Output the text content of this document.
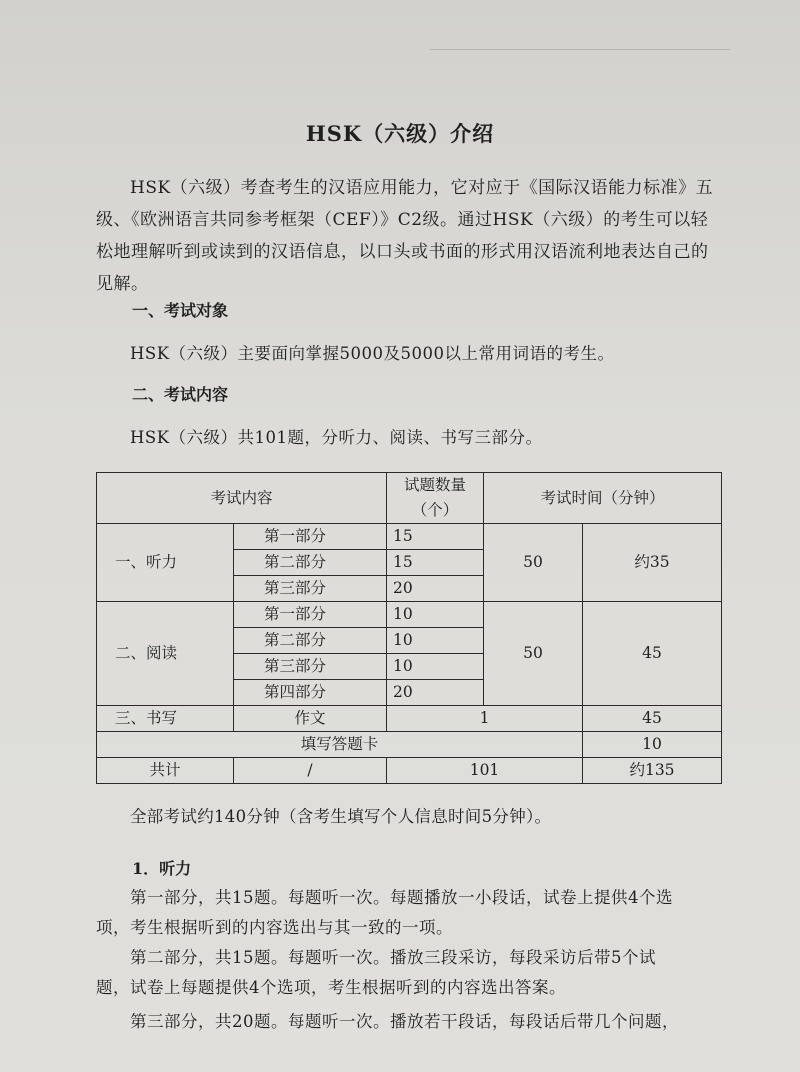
HSK（六级）介绍

HSK（六级）考查考生的汉语应用能力，它对应于《国际汉语能力标准》五级、《欧洲语言共同参考框架（CEF）》C2级。通过HSK（六级）的考生可以轻松地理解听到或读到的汉语信息，以口头或书面的形式用汉语流利地表达自己的见解。

一、考试对象
HSK（六级）主要面向掌握5000及5000以上常用词语的考生。
二、考试内容
HSK（六级）共101题，分听力、阅读、书写三部分。
考试内容		试题数量（个）	考试时间（分钟）	
一、听力	第一部分	15	50	约35
	第二部分	15		
	第三部分	20		
二、阅读	第一部分	10	50	45
	第二部分	10		
	第三部分	10		
	第四部分	20		
三、书写	作文	1		45
填写答题卡				10
共计	/	101		约135
全部考试约140分钟（含考生填写个人信息时间5分钟）。
1．听力
第一部分，共15题。每题听一次。每题播放一小段话，试卷上提供4个选
项，考生根据听到的内容选出与其一致的一项。
第二部分，共15题。每题听一次。播放三段采访，每段采访后带5个试
题，试卷上每题提供4个选项，考生根据听到的内容选出答案。
第三部分，共20题。每题听一次。播放若干段话，每段话后带几个问题，
